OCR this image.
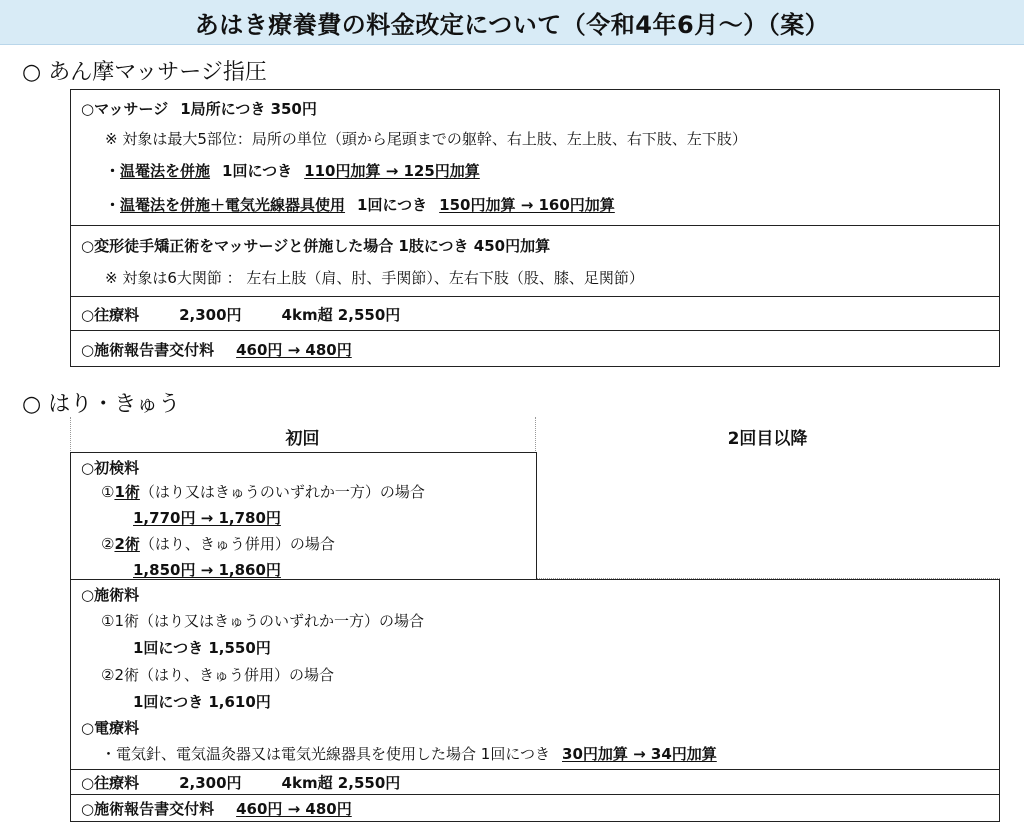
あはき療養費の料金改定について（令和4年6月～）（案）
○ あん摩マッサージ指圧
○マッサージ 1局所につき 350円
※ 対象は最大5部位：局所の単位（頭から尾頭までの躯幹、右上肢、左上肢、右下肢、左下肢）
・温罨法を併施 1回につき 110円加算 → 125円加算
・温罨法を併施＋電気光線器具使用 1回につき 150円加算 → 160円加算
○変形徒手矯正術をマッサージと併施した場合 1肢につき 450円加算
※ 対象は6大関節 ： 左右上肢（肩、肘、手関節）、左右下肢（股、膝、足関節）
○往療料	2,300円	4km超 2,550円
○施術報告書交付料 460円 → 480円
○ はり・きゅう
初回	2回目以降
○初検料
①1術（はり又はきゅうのいずれか一方）の場合
1,770円 → 1,780円
②2術（はり、きゅう併用）の場合
1,850円 → 1,860円
○施術料
①1術（はり又はきゅうのいずれか一方）の場合
1回につき 1,550円
②2術（はり、きゅう併用）の場合
1回につき 1,610円
○電療料
・電気針、電気温灸器又は電気光線器具を使用した場合 1回につき 30円加算 → 34円加算
○往療料	2,300円	4km超 2,550円
○施術報告書交付料 460円 → 480円
